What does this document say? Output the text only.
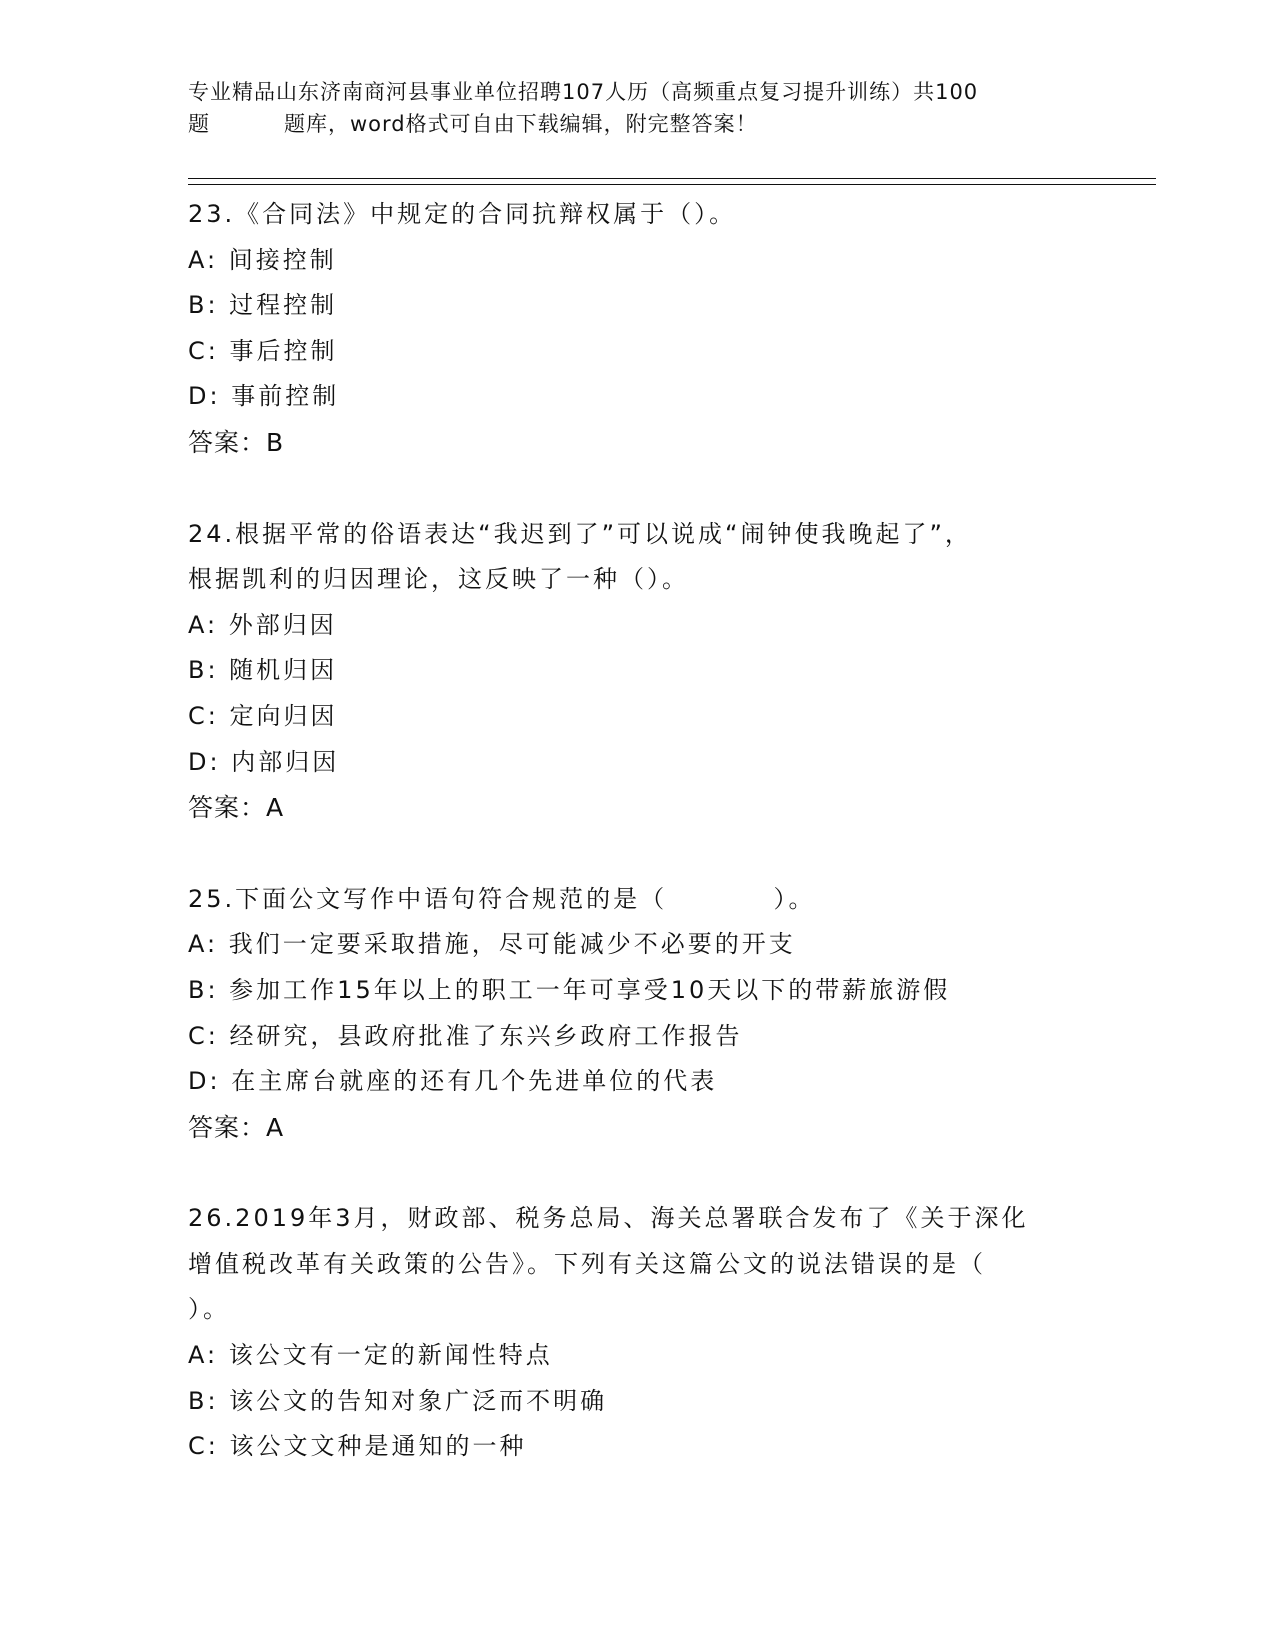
专业精品山东济南商河县事业单位招聘107人历（高频重点复习提升训练）共100
题	题库，word格式可自由下载编辑，附完整答案！
23.《合同法》中规定的合同抗辩权属于（）。
A: 间接控制
B: 过程控制
C: 事后控制
D: 事前控制
答案：B
24.根据平常的俗语表达“我迟到了”可以说成“闹钟使我晚起了”，
根据凯利的归因理论，这反映了一种（）。
A: 外部归因
B: 随机归因
C: 定向归因
D: 内部归因
答案：A
25.下面公文写作中语句符合规范的是（          ）。
A: 我们一定要采取措施，尽可能减少不必要的开支
B: 参加工作15年以上的职工一年可享受10天以下的带薪旅游假
C: 经研究，县政府批准了东兴乡政府工作报告
D: 在主席台就座的还有几个先进单位的代表
答案：A
26.2019年3月，财政部、税务总局、海关总署联合发布了《关于深化
增值税改革有关政策的公告》。下列有关这篇公文的说法错误的是（
）。
A: 该公文有一定的新闻性特点
B: 该公文的告知对象广泛而不明确
C: 该公文文种是通知的一种
